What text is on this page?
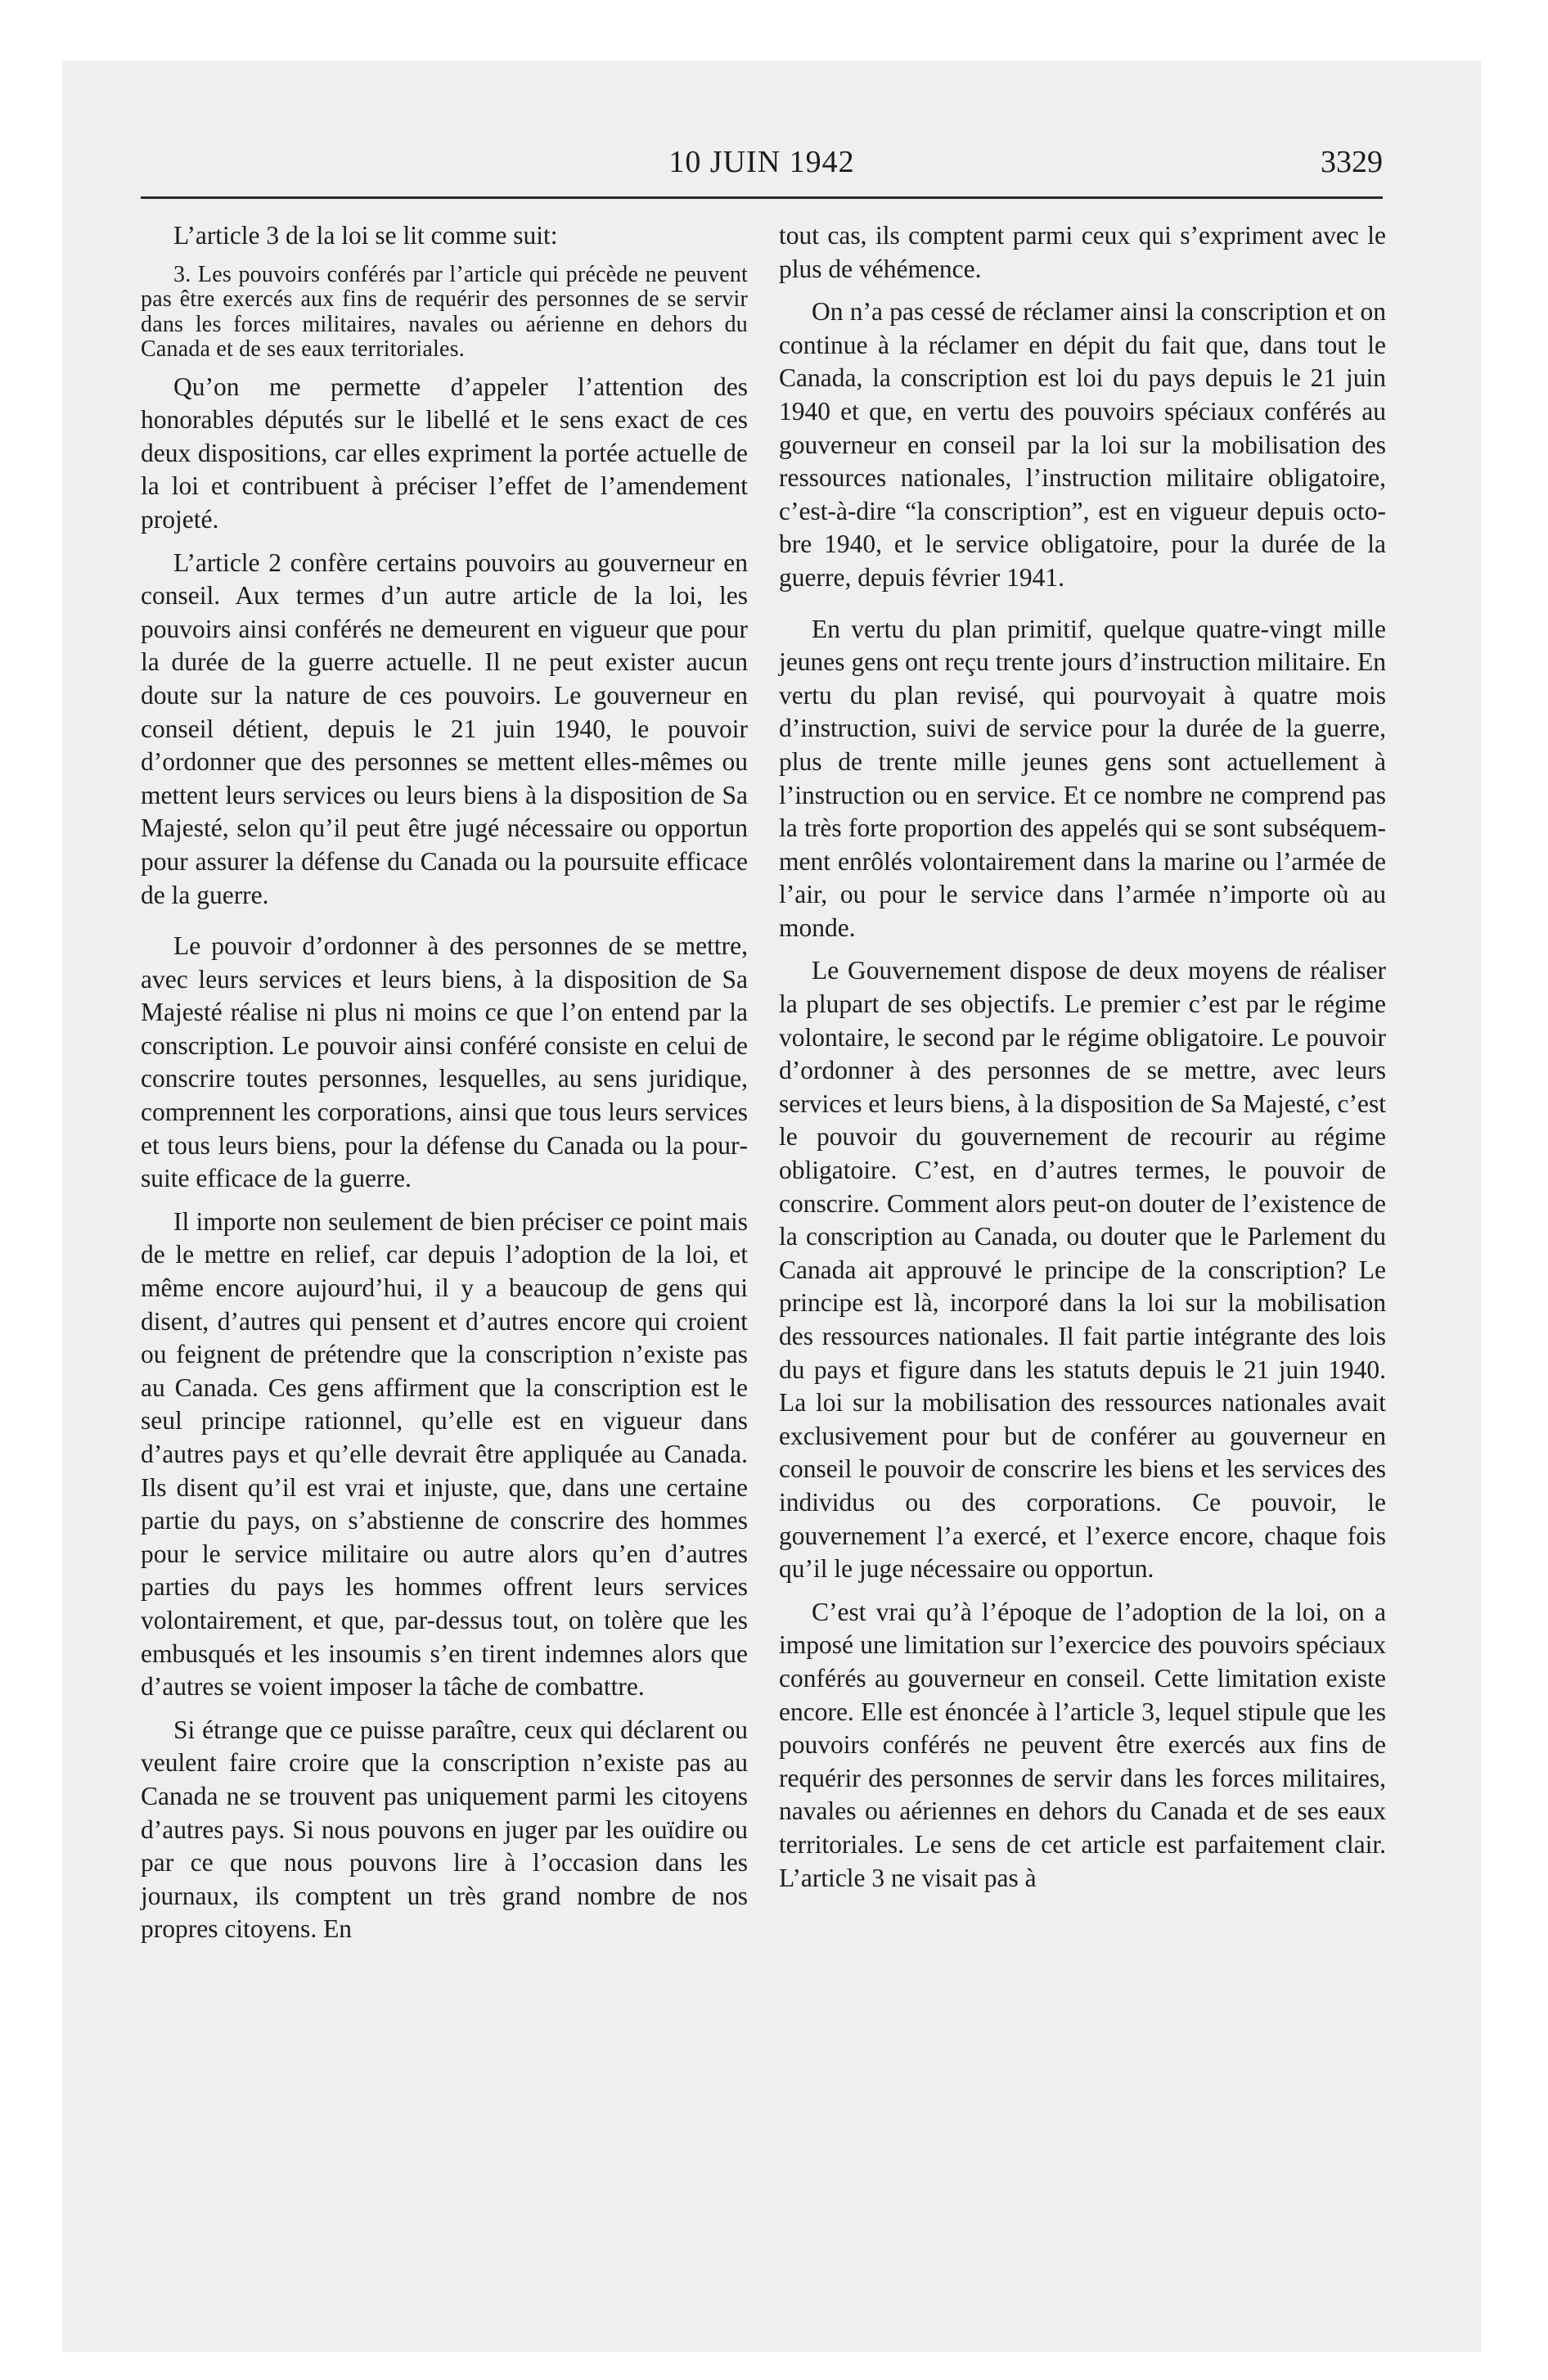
10 JUIN 1942	3329

L’article 3 de la loi se lit comme suit:

3. Les pouvoirs conférés par l’article qui précède ne peuvent pas être exercés aux fins de requérir des personnes de se servir dans les forces militaires, navales ou aérienne en dehors du Canada et de ses eaux territoriales.

Qu’on me permette d’appeler l’attention des honorables députés sur le libellé et le sens exact de ces deux dispositions, car elles expriment la portée actuelle de la loi et contribuent à préciser l’effet de l’amendement projeté.

L’article 2 confère certains pouvoirs au gouverneur en conseil. Aux termes d’un autre article de la loi, les pouvoirs ainsi conférés ne demeurent en vigueur que pour la durée de la guerre actuelle. Il ne peut exister aucun doute sur la nature de ces pouvoirs. Le gouverneur en conseil détient, depuis le 21 juin 1940, le pouvoir d’ordonner que des personnes se mettent elles-mêmes ou mettent leurs services ou leurs biens à la disposition de Sa Majesté, selon qu’il peut être jugé nécessaire ou opportun pour assurer la défense du Canada ou la poursuite efficace de la guerre.

Le pouvoir d’ordonner à des personnes de se mettre, avec leurs services et leurs biens, à la disposition de Sa Majesté réalise ni plus ni moins ce que l’on entend par la conscription. Le pouvoir ainsi conféré consiste en celui de conscrire toutes personnes, lesquelles, au sens juridique, comprennent les corporations, ainsi que tous leurs services et tous leurs biens, pour la défense du Canada ou la poursuite efficace de la guerre.

Il importe non seulement de bien préciser ce point mais de le mettre en relief, car depuis l’adoption de la loi, et même encore aujourd’hui, il y a beaucoup de gens qui disent, d’autres qui pensent et d’autres encore qui croient ou feignent de prétendre que la conscription n’existe pas au Canada. Ces gens affirment que la conscription est le seul principe rationnel, qu’elle est en vigueur dans d’autres pays et qu’elle devrait être appliquée au Canada. Ils disent qu’il est vrai et injuste, que, dans une certaine partie du pays, on s’abstienne de conscrire des hommes pour le service militaire ou autre alors qu’en d’autres parties du pays les hommes offrent leurs services volontairement, et que, par-dessus tout, on tolère que les embusqués et les insoumis s’en tirent indemnes alors que d’autres se voient imposer la tâche de combattre.

Si étrange que ce puisse paraître, ceux qui déclarent ou veulent faire croire que la conscription n’existe pas au Canada ne se trouvent pas uniquement parmi les citoyens d’autres pays. Si nous pouvons en juger par les ouïdire ou par ce que nous pouvons lire à l’occasion dans les journaux, ils comptent un très grand nombre de nos propres citoyens. En

tout cas, ils comptent parmi ceux qui s’expriment avec le plus de véhémence.

On n’a pas cessé de réclamer ainsi la conscription et on continue à la réclamer en dépit du fait que, dans tout le Canada, la conscription est loi du pays depuis le 21 juin 1940 et que, en vertu des pouvoirs spéciaux conférés au gouverneur en conseil par la loi sur la mobilisation des ressources nationales, l’instruction militaire obligatoire, c’est-à-dire “la conscription”, est en vigueur depuis octobre 1940, et le service obligatoire, pour la durée de la guerre, depuis février 1941.

En vertu du plan primitif, quelque quatre-vingt mille jeunes gens ont reçu trente jours d’instruction militaire. En vertu du plan revisé, qui pourvoyait à quatre mois d’instruction, suivi de service pour la durée de la guerre, plus de trente mille jeunes gens sont actuellement à l’instruction ou en service. Et ce nombre ne comprend pas la très forte proportion des appelés qui se sont subséquemment enrôlés volontairement dans la marine ou l’armée de l’air, ou pour le service dans l’armée n’importe où au monde.

Le Gouvernement dispose de deux moyens de réaliser la plupart de ses objectifs. Le premier c’est par le régime volontaire, le second par le régime obligatoire. Le pouvoir d’ordonner à des personnes de se mettre, avec leurs services et leurs biens, à la disposition de Sa Majesté, c’est le pouvoir du gouvernement de recourir au régime obligatoire. C’est, en d’autres termes, le pouvoir de conscrire. Comment alors peut-on douter de l’existence de la conscription au Canada, ou douter que le Parlement du Canada ait approuvé le principe de la conscription? Le principe est là, incorporé dans la loi sur la mobilisation des ressources nationales. Il fait partie intégrante des lois du pays et figure dans les statuts depuis le 21 juin 1940. La loi sur la mobilisation des ressources nationales avait exclusivement pour but de conférer au gouverneur en conseil le pouvoir de conscrire les biens et les services des individus ou des corporations. Ce pouvoir, le gouvernement l’a exercé, et l’exerce encore, chaque fois qu’il le juge nécessaire ou opportun.

C’est vrai qu’à l’époque de l’adoption de la loi, on a imposé une limitation sur l’exercice des pouvoirs spéciaux conférés au gouverneur en conseil. Cette limitation existe encore. Elle est énoncée à l’article 3, lequel stipule que les pouvoirs conférés ne peuvent être exercés aux fins de requérir des personnes de servir dans les forces militaires, navales ou aériennes en dehors du Canada et de ses eaux territoriales. Le sens de cet article est parfaitement clair. L’article 3 ne visait pas à
